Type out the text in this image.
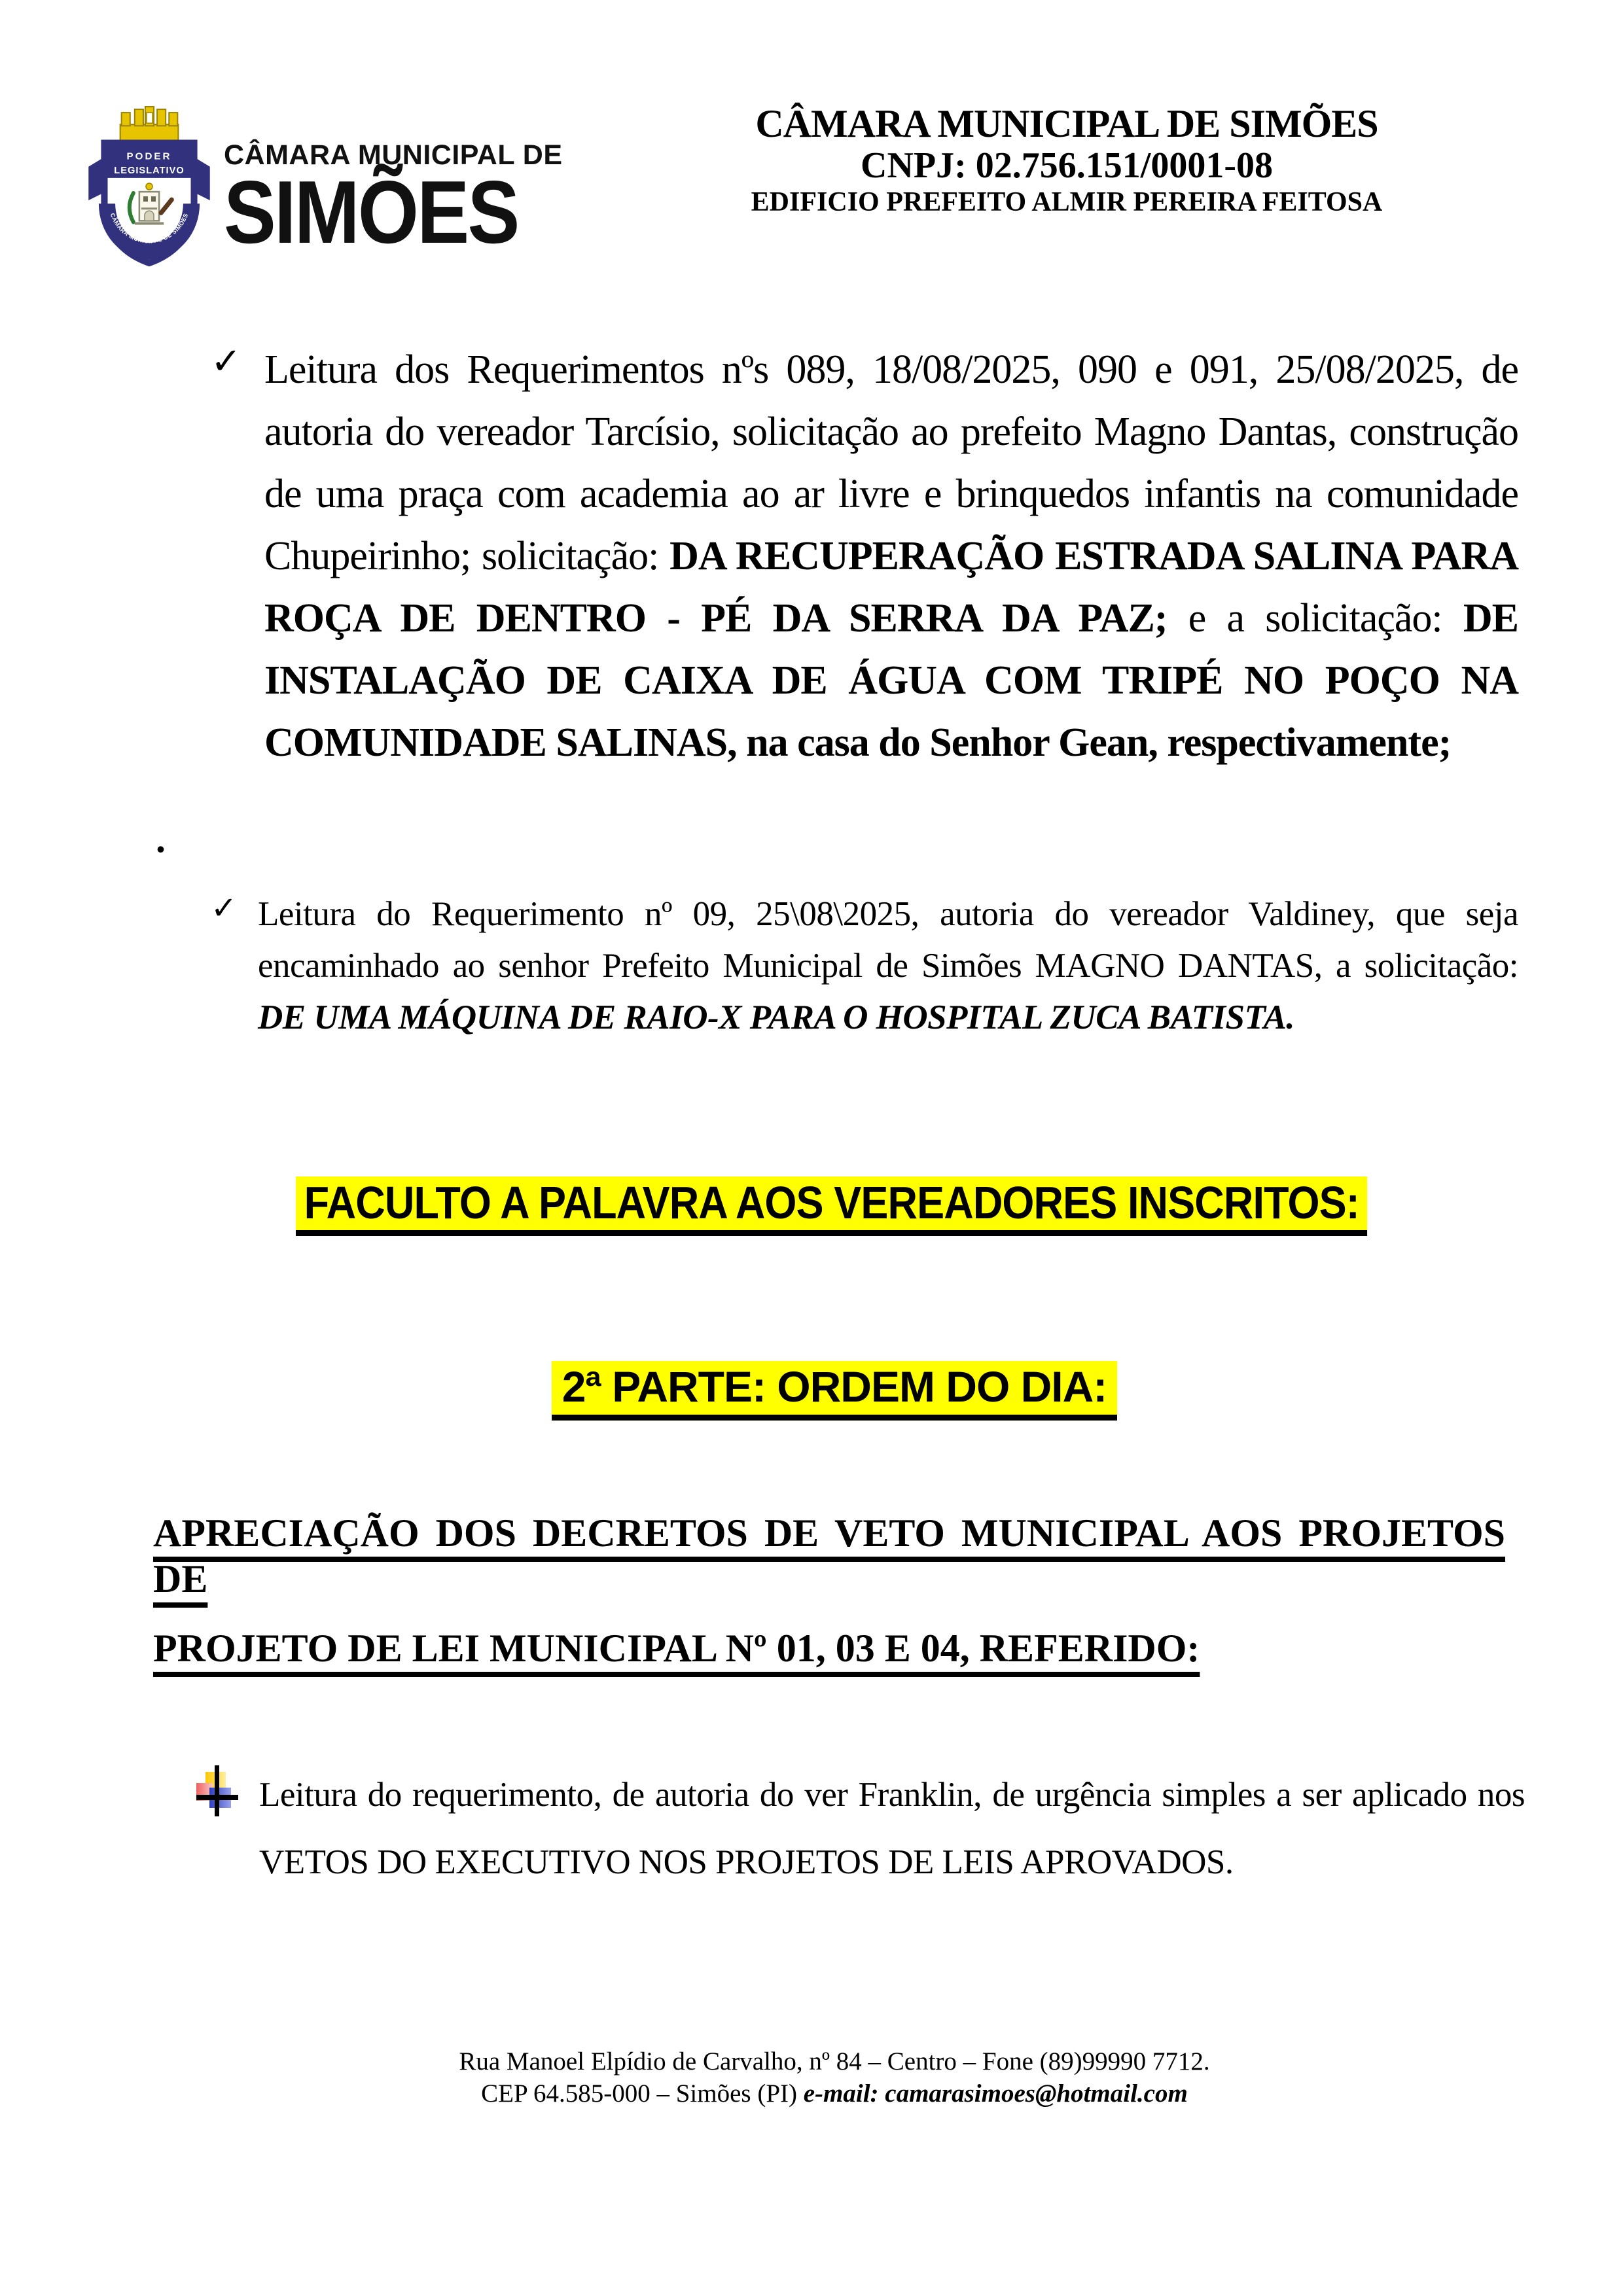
PODER
LEGISLATIVO
CÂMARA MUNICIPAL DE SIMÕES
CÂMARA MUNICIPAL DE
SIMÕES
CÂMARA MUNICIPAL DE SIMÕES
CNPJ: 02.756.151/0001-08
EDIFICIO PREFEITO ALMIR PEREIRA FEITOSA
✓ Leitura dos Requerimentos nºs 089, 18/08/2025, 090 e 091, 25/08/2025, de autoria do vereador Tarcísio, solicitação ao prefeito Magno Dantas, construção de uma praça com academia ao ar livre e brinquedos infantis na comunidade Chupeirinho; solicitação: DA RECUPERAÇÃO ESTRADA SALINA PARA ROÇA DE DENTRO - PÉ DA SERRA DA PAZ; e a solicitação: DE INSTALAÇÃO DE CAIXA DE ÁGUA COM TRIPÉ NO POÇO NA COMUNIDADE SALINAS, na casa do Senhor Gean, respectivamente;

.
✓ Leitura do Requerimento nº 09, 25\08\2025, autoria do vereador Valdiney, que seja encaminhado ao senhor Prefeito Municipal de Simões MAGNO DANTAS, a solicitação: DE UMA MÁQUINA DE RAIO-X PARA O HOSPITAL ZUCA BATISTA.

FACULTO A PALAVRA AOS VEREADORES INSCRITOS:
2ª PARTE: ORDEM DO DIA:
APRECIAÇÃO DOS DECRETOS DE VETO MUNICIPAL AOS PROJETOS DE
PROJETO DE LEI MUNICIPAL Nº 01, 03 E 04, REFERIDO:

Leitura do requerimento, de autoria do ver Franklin, de urgência simples a ser aplicado nos VETOS DO EXECUTIVO NOS PROJETOS DE LEIS APROVADOS.

Rua Manoel Elpídio de Carvalho, nº 84 – Centro – Fone (89)99990 7712.
CEP 64.585-000 – Simões (PI) e-mail: camarasimoes@hotmail.com
